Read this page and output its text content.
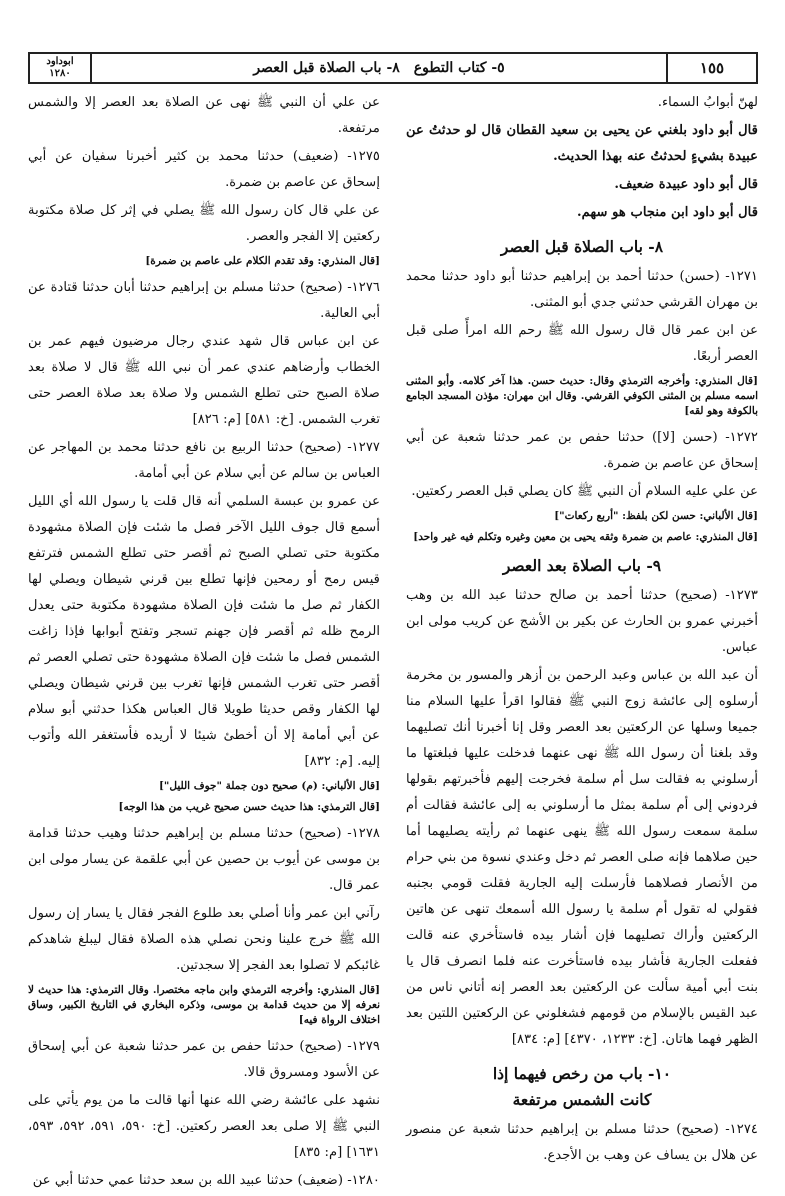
ابوداود
١٢٨٠	٥- كتاب التطوع
٨- باب الصلاة قبل العصر	١٥٥

لهنّ أبوابُ السماء.

قال أبو داود بلغني عن يحيى بن سعيد القطان قال لو حدثتُ عن عبيدة بشيءٍ لحدثتُ عنه بهذا الحديث.

قال أبو داود عبيدة ضعيف.

قال أبو داود ابن منجاب هو سهم.

٨- باب الصلاة قبل العصر

١٢٧١- (حسن) حدثنا أحمد بن إبراهيم حدثنا أبو داود حدثنا محمد بن مهران القرشي حدثني جدي أبو المثنى.

عن ابن عمر قال قال رسول الله ﷺ رحم الله امرأً صلى قبل العصر أربعًا.

[قال المنذري: وأخرجه الترمذي وقال: حديث حسن. هذا آخر كلامه. وأبو المثنى اسمه مسلم بن المثنى الكوفي القرشي. وقال ابن مهران: مؤذن المسجد الجامع بالكوفة وهو لقه]

١٢٧٢- (حسن [لا]) حدثنا حفص بن عمر حدثنا شعبة عن أبي إسحاق عن عاصم بن ضمرة.

عن علي عليه السلام أن النبي ﷺ كان يصلي قبل العصر ركعتين.

[قال الألباني: حسن لكن بلفظ: "أربع ركعات"]
[قال المنذري: عاصم بن ضمرة وثقه يحيى بن معين وغيره وتكلم فيه غير واحد]
٩- باب الصلاة بعد العصر

١٢٧٣- (صحيح) حدثنا أحمد بن صالح حدثنا عبد الله بن وهب أخبرني عمرو بن الحارث عن بكير بن الأشج عن كريب مولى ابن عباس.

أن عبد الله بن عباس وعبد الرحمن بن أزهر والمسور بن مخرمة أرسلوه إلى عائشة زوج النبي ﷺ فقالوا اقرأ عليها السلام منا جميعا وسلها عن الركعتين بعد العصر وقل إنا أخبرنا أنك تصليهما وقد بلغنا أن رسول الله ﷺ نهى عنهما فدخلت عليها فبلغتها ما أرسلوني به فقالت سل أم سلمة فخرجت إليهم فأخبرتهم بقولها فردوني إلى أم سلمة بمثل ما أرسلوني به إلى عائشة فقالت أم سلمة سمعت رسول الله ﷺ ينهى عنهما ثم رأيته يصليهما أما حين صلاهما فإنه صلى العصر ثم دخل وعندي نسوة من بني حرام من الأنصار فصلاهما فأرسلت إليه الجارية فقلت قومي بجنبه فقولي له تقول أم سلمة يا رسول الله أسمعك تنهى عن هاتين الركعتين وأراك تصليهما فإن أشار بيده فاستأخري عنه قالت ففعلت الجارية فأشار بيده فاستأخرت عنه فلما انصرف قال يا بنت أبي أمية سألت عن الركعتين بعد العصر إنه أتاني ناس من عبد القيس بالإسلام من قومهم فشغلوني عن الركعتين اللتين بعد الظهر فهما هاتان. [خ: ١٢٣٣، ٤٣٧٠] [م: ٨٣٤]

١٠- باب من رخص فيهما إذا
كانت الشمس مرتفعة

١٢٧٤- (صحيح) حدثنا مسلم بن إبراهيم حدثنا شعبة عن منصور عن هلال بن يساف عن وهب بن الأجدع.

عن علي أن النبي ﷺ نهى عن الصلاة بعد العصر إلا والشمس مرتفعة.

١٢٧٥- (ضعيف) حدثنا محمد بن كثير أخبرنا سفيان عن أبي إسحاق عن عاصم بن ضمرة.

عن علي قال كان رسول الله ﷺ يصلي في إثر كل صلاة مكتوبة ركعتين إلا الفجر والعصر.

[قال المنذري: وقد تقدم الكلام على عاصم بن ضمرة]

١٢٧٦- (صحيح) حدثنا مسلم بن إبراهيم حدثنا أبان حدثنا قتادة عن أبي العالية.

عن ابن عباس قال شهد عندي رجال مرضيون فيهم عمر بن الخطاب وأرضاهم عندي عمر أن نبي الله ﷺ قال لا صلاة بعد صلاة الصبح حتى تطلع الشمس ولا صلاة بعد صلاة العصر حتى تغرب الشمس. [خ: ٥٨١] [م: ٨٢٦]

١٢٧٧- (صحيح) حدثنا الربيع بن نافع حدثنا محمد بن المهاجر عن العباس بن سالم عن أبي سلام عن أبي أمامة.

عن عمرو بن عبسة السلمي أنه قال قلت يا رسول الله أي الليل أسمع قال جوف الليل الآخر فصل ما شئت فإن الصلاة مشهودة مكتوبة حتى تصلي الصبح ثم أقصر حتى تطلع الشمس فترتفع قيس رمح أو رمحين فإنها تطلع بين قرني شيطان ويصلي لها الكفار ثم صل ما شئت فإن الصلاة مشهودة مكتوبة حتى يعدل الرمح ظله ثم أقصر فإن جهنم تسجر وتفتح أبوابها فإذا زاغت الشمس فصل ما شئت فإن الصلاة مشهودة حتى تصلي العصر ثم أقصر حتى تغرب الشمس فإنها تغرب بين قرني شيطان ويصلي لها الكفار وقص حديثا طويلا قال العباس هكذا حدثني أبو سلام عن أبي أمامة إلا أن أخطئ شيئا لا أريده فأستغفر الله وأتوب إليه. [م: ٨٣٢]

[قال الألباني: (م) صحيح دون جملة "جوف الليل"]
[قال الترمذي: هذا حديث حسن صحيح غريب من هذا الوجه]

١٢٧٨- (صحيح) حدثنا مسلم بن إبراهيم حدثنا وهيب حدثنا قدامة بن موسى عن أيوب بن حصين عن أبي علقمة عن يسار مولى ابن عمر قال.

رآني ابن عمر وأنا أصلي بعد طلوع الفجر فقال يا يسار إن رسول الله ﷺ خرج علينا ونحن نصلي هذه الصلاة فقال ليبلغ شاهدكم غائبكم لا تصلوا بعد الفجر إلا سجدتين.

[قال المنذري: وأخرجه الترمذي وابن ماجه مختصرا. وقال الترمذي: هذا حديث لا نعرفه إلا من حديث قدامة بن موسى، وذكره البخاري في التاريخ الكبير، وساق اختلاف الرواة فيه]

١٢٧٩- (صحيح) حدثنا حفص بن عمر حدثنا شعبة عن أبي إسحاق عن الأسود ومسروق قالا.

نشهد على عائشة رضي الله عنها أنها قالت ما من يوم يأتي على النبي ﷺ إلا صلى بعد العصر ركعتين. [خ: ٥٩٠، ٥٩١، ٥٩٢، ٥٩٣، ١٦٣١] [م: ٨٣٥]

١٢٨٠- (ضعيف) حدثنا عبيد الله بن سعد حدثنا عمي حدثنا أبي عن
